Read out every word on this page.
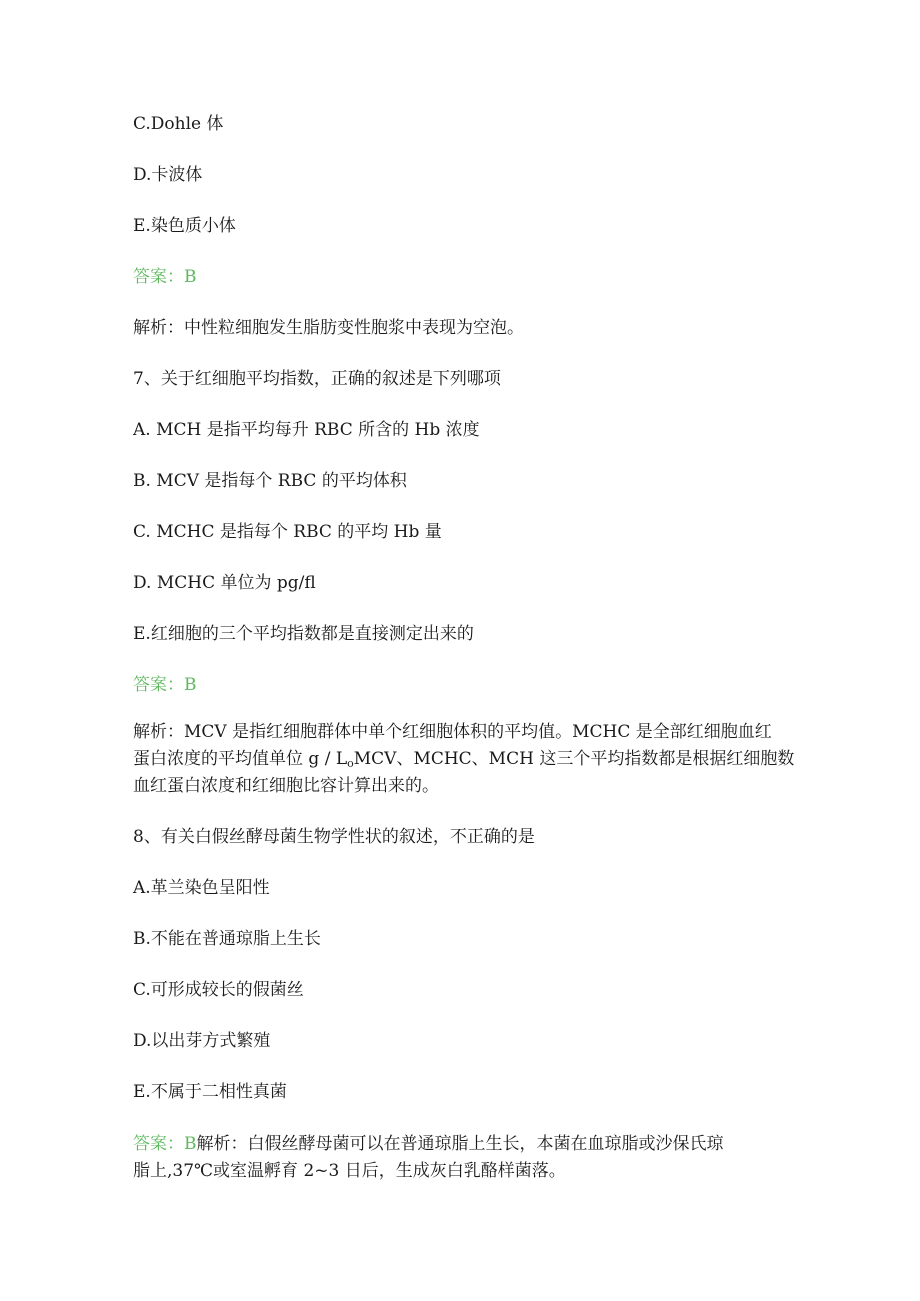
C.Dohle 体
D.卡波体
E.染色质小体
答案：B
解析：中性粒细胞发生脂肪变性胞浆中表现为空泡。
7、关于红细胞平均指数，正确的叙述是下列哪项
A. MCH 是指平均每升 RBC 所含的 Hb 浓度
B. MCV 是指每个 RBC 的平均体积
C. MCHC 是指每个 RBC 的平均 Hb 量
D. MCHC 单位为 pg/fl
E.红细胞的三个平均指数都是直接测定出来的
答案：B
解析：MCV 是指红细胞群体中单个红细胞体积的平均值。MCHC 是全部红细胞血红
蛋白浓度的平均值单位 g / $L_oMCV$、MCHC、MCH 这三个平均指数都是根据红细胞数
血红蛋白浓度和红细胞比容计算出来的。
8、有关白假丝酵母菌生物学性状的叙述，不正确的是
A.革兰染色呈阳性
B.不能在普通琼脂上生长
C.可形成较长的假菌丝
D.以出芽方式繁殖
E.不属于二相性真菌
答案：B解析：白假丝酵母菌可以在普通琼脂上生长，本菌在血琼脂或沙保氏琼
脂上,37℃或室温孵育 2~3 日后，生成灰白乳酪样菌落。
